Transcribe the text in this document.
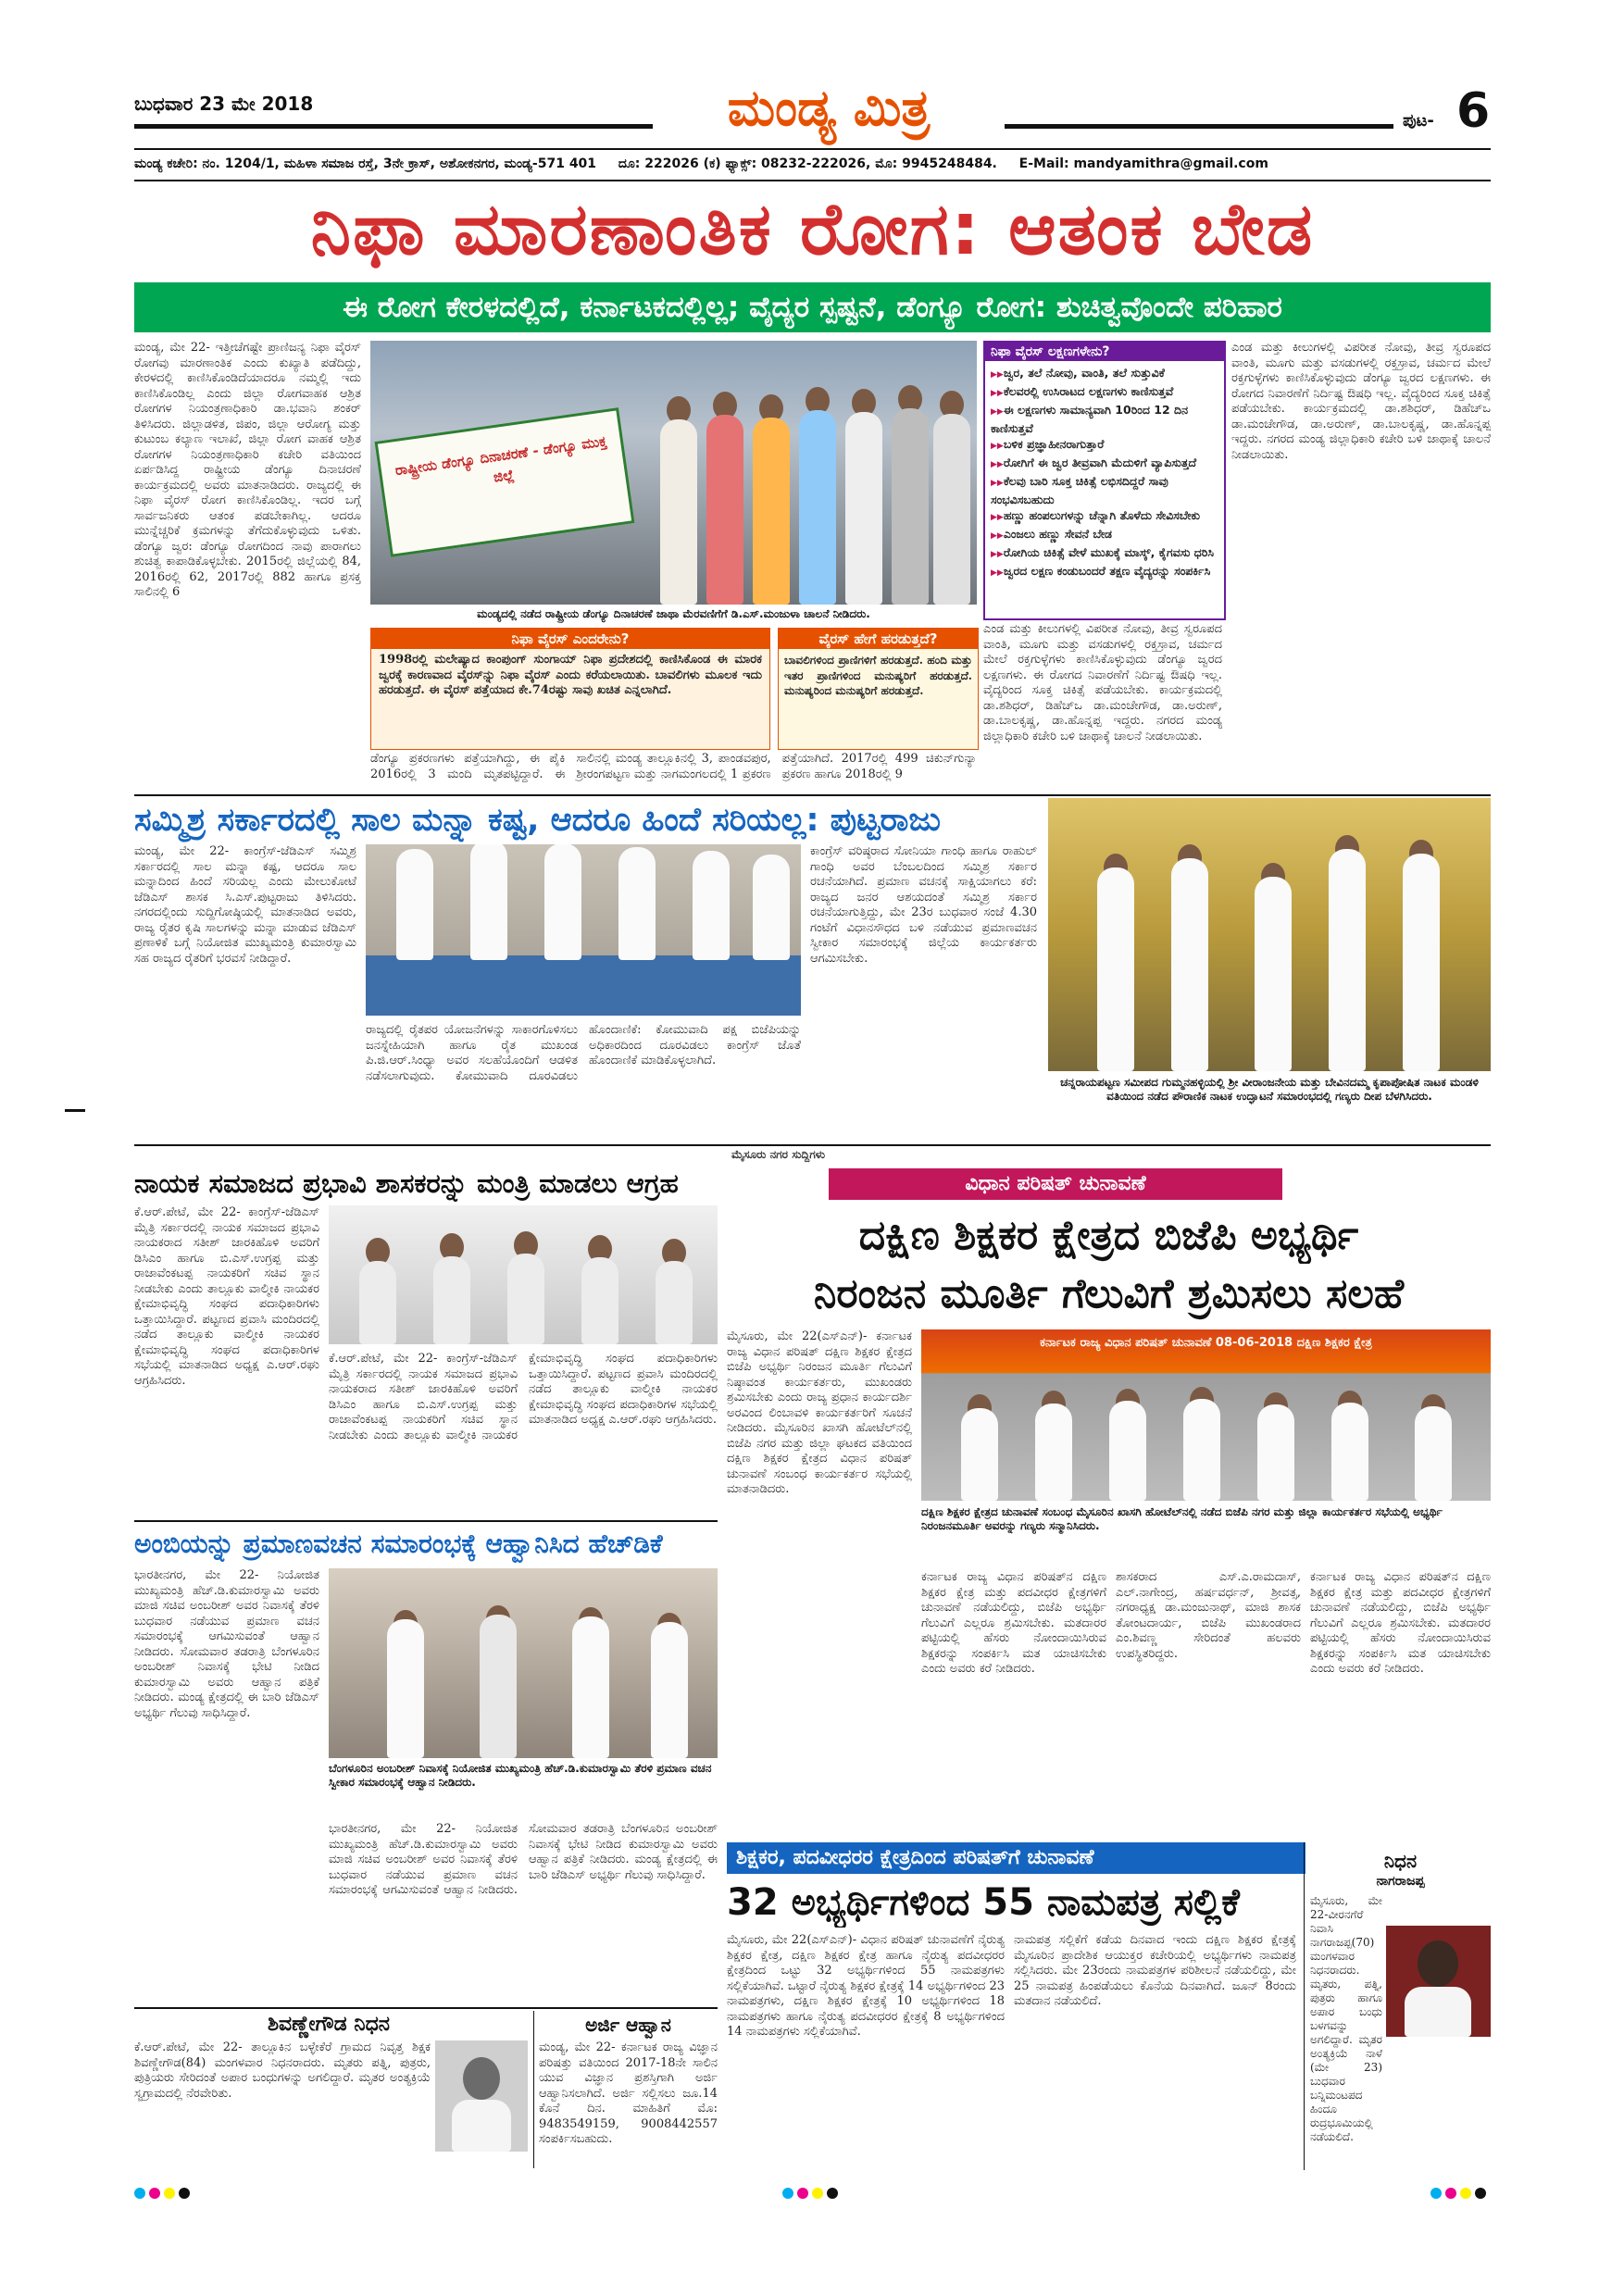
ಬುಧವಾರ 23 ಮೇ 2018	ಮಂಡ್ಯ ಮಿತ್ರ	ಪುಟ- 6
ಮಂಡ್ಯ ಕಚೇರಿ: ನಂ. 1204/1, ಮಹಿಳಾ ಸಮಾಜ ರಸ್ತೆ, 3ನೇ ಕ್ರಾಸ್, ಅಶೋಕನಗರ, ಮಂಡ್ಯ-571 401 ದೂ: 222026 (ಕ) ಫ್ಯಾಕ್ಸ್: 08232-222026, ಮೊ: 9945248484. E-Mail: mandyamithra@gmail.com
ನಿಫಾ ಮಾರಣಾಂತಿಕ ರೋಗ: ಆತಂಕ ಬೇಡ
ಈ ರೋಗ ಕೇರಳದಲ್ಲಿದೆ, ಕರ್ನಾಟಕದಲ್ಲಿಲ್ಲ; ವೈದ್ಯರ ಸ್ಪಷ್ಟನೆ, ಡೆಂಗ್ಯೂ ರೋಗ: ಶುಚಿತ್ವವೊಂದೇ ಪರಿಹಾರ
ಮಂಡ್ಯ, ಮೇ 22- ಇತ್ತೀಚೆಗಷ್ಟೇ ಪ್ರಾಣಿಜನ್ಯ ನಿಫಾ ವೈರಸ್ ರೋಗವು ಮಾರಣಾಂತಿಕ ಎಂದು ಕುಖ್ಯಾತಿ ಪಡೆದಿದ್ದು, ಕೇರಳದಲ್ಲಿ ಕಾಣಿಸಿಕೊಂಡಿದೆಯಾದರೂ ನಮ್ಮಲ್ಲಿ ಇದು ಕಾಣಿಸಿಕೊಂಡಿಲ್ಲ ಎಂದು ಜಿಲ್ಲಾ ರೋಗವಾಹಕ ಆಶ್ರಿತ ರೋಗಗಳ ನಿಯಂತ್ರಣಾಧಿಕಾರಿ ಡಾ.ಭವಾನಿ ಶಂಕರ್ ತಿಳಿಸಿದರು. ಜಿಲ್ಲಾಡಳಿತ, ಜಿಪಂ, ಜಿಲ್ಲಾ ಆರೋಗ್ಯ ಮತ್ತು ಕುಟುಂಬ ಕಲ್ಯಾಣ ಇಲಾಖೆ, ಜಿಲ್ಲಾ ರೋಗ ವಾಹಕ ಆಶ್ರಿತ ರೋಗಗಳ ನಿಯಂತ್ರಣಾಧಿಕಾರಿ ಕಚೇರಿ ವತಿಯಿಂದ ಏರ್ಪಡಿಸಿದ್ದ ರಾಷ್ಟ್ರೀಯ ಡೆಂಗ್ಯೂ ದಿನಾಚರಣೆ ಕಾರ್ಯಕ್ರಮದಲ್ಲಿ ಅವರು ಮಾತನಾಡಿದರು. ರಾಜ್ಯದಲ್ಲಿ ಈ ನಿಫಾ ವೈರಸ್ ರೋಗ ಕಾಣಿಸಿಕೊಂಡಿಲ್ಲ. ಇದರ ಬಗ್ಗೆ ಸಾರ್ವಜನಿಕರು ಆತಂಕ ಪಡಬೇಕಾಗಿಲ್ಲ. ಆದರೂ ಮುನ್ನೆಚ್ಚರಿಕೆ ಕ್ರಮಗಳನ್ನು ತೆಗೆದುಕೊಳ್ಳುವುದು ಒಳಿತು. ಡೆಂಗ್ಯೂ ಜ್ವರ: ಡೆಂಗ್ಯೂ ರೋಗದಿಂದ ನಾವು ಪಾರಾಗಲು ಶುಚಿತ್ವ ಕಾಪಾಡಿಕೊಳ್ಳಬೇಕು. 2015ರಲ್ಲಿ ಜಿಲ್ಲೆಯಲ್ಲಿ 84, 2016ರಲ್ಲಿ 62, 2017ರಲ್ಲಿ 882 ಹಾಗೂ ಪ್ರಸಕ್ತ ಸಾಲಿನಲ್ಲಿ 6
ರಾಷ್ಟ್ರೀಯ ಡೆಂಗ್ಯೂ ದಿನಾಚರಣೆ - ಡೆಂಗ್ಯೂ ಮುಕ್ತ ಜಿಲ್ಲೆ
ಮಂಡ್ಯದಲ್ಲಿ ನಡೆದ ರಾಷ್ಟ್ರೀಯ ಡೆಂಗ್ಯೂ ದಿನಾಚರಣೆ ಜಾಥಾ ಮೆರವಣಿಗೆಗೆ ಡಿ.ಎಸ್.ಮಂಜುಳಾ ಚಾಲನೆ ನೀಡಿದರು.
ನಿಫಾ ವೈರಸ್ ಲಕ್ಷಣಗಳೇನು?
▶▶ ಜ್ವರ, ತಲೆ ನೋವು, ವಾಂತಿ, ತಲೆ ಸುತ್ತುವಿಕೆ
▶▶ ಕೆಲವರಲ್ಲಿ ಉಸಿರಾಟದ ಲಕ್ಷಣಗಳು ಕಾಣಿಸುತ್ತವೆ
▶▶ ಈ ಲಕ್ಷಣಗಳು ಸಾಮಾನ್ಯವಾಗಿ 10ರಿಂದ 12 ದಿನ ಕಾಣಿಸುತ್ತವೆ
▶▶ ಬಳಿಕ ಪ್ರಜ್ಞಾಹೀನರಾಗುತ್ತಾರೆ
▶▶ ರೋಗಿಗೆ ಈ ಜ್ವರ ತೀವ್ರವಾಗಿ ಮೆದುಳಿಗೆ ವ್ಯಾಪಿಸುತ್ತದೆ
▶▶ ಕೆಲವು ಬಾರಿ ಸೂಕ್ತ ಚಿಕಿತ್ಸೆ ಲಭಿಸದಿದ್ದರೆ ಸಾವು ಸಂಭವಿಸಬಹುದು
▶▶ ಹಣ್ಣು ಹಂಪಲುಗಳನ್ನು ಚೆನ್ನಾಗಿ ತೊಳೆದು ಸೇವಿಸಬೇಕು
▶▶ ಎಂಜಲು ಹಣ್ಣು ಸೇವನೆ ಬೇಡ
▶▶ ರೋಗಿಯ ಚಿಕಿತ್ಸೆ ವೇಳೆ ಮುಖಕ್ಕೆ ಮಾಸ್ಕ್, ಕೈಗವಸು ಧರಿಸಿ
▶▶ ಜ್ವರದ ಲಕ್ಷಣ ಕಂಡುಬಂದರೆ ತಕ್ಷಣ ವೈದ್ಯರನ್ನು ಸಂಪರ್ಕಿಸಿ
ನಿಫಾ ವೈರಸ್ ಎಂದರೇನು?
1998ರಲ್ಲಿ ಮಲೇಷ್ಯಾದ ಕಾಂಪುಂಗ್ ಸುಂಗಾಯ್ ನಿಫಾ ಪ್ರದೇಶದಲ್ಲಿ ಕಾಣಿಸಿಕೊಂಡ ಈ ಮಾರಕ ಜ್ವರಕ್ಕೆ ಕಾರಣವಾದ ವೈರಸ್‌ನ್ನು ನಿಫಾ ವೈರಸ್ ಎಂದು ಕರೆಯಲಾಯಿತು. ಬಾವಲಿಗಳು ಮೂಲಕ ಇದು ಹರಡುತ್ತದೆ. ಈ ವೈರಸ್ ಪತ್ತೆಯಾದ ಕೇ.74ರಷ್ಟು ಸಾವು ಖಚಿತ ಎನ್ನಲಾಗಿದೆ.
ವೈರಸ್ ಹೇಗೆ ಹರಡುತ್ತದೆ?
ಬಾವಲಿಗಳಿಂದ ಪ್ರಾಣಿಗಳಿಗೆ ಹರಡುತ್ತದೆ. ಹಂದಿ ಮತ್ತು ಇತರ ಪ್ರಾಣಿಗಳಿಂದ ಮನುಷ್ಯರಿಗೆ ಹರಡುತ್ತದೆ. ಮನುಷ್ಯರಿಂದ ಮನುಷ್ಯರಿಗೆ ಹರಡುತ್ತದೆ.
ಡೆಂಗ್ಯೂ ಪ್ರಕರಣಗಳು ಪತ್ತೆಯಾಗಿದ್ದು, ಈ ಪೈಕಿ 2016ರಲ್ಲಿ 3 ಮಂದಿ ಮೃತಪಟ್ಟಿದ್ದಾರೆ. ಈ ಸಾಲಿನಲ್ಲಿ ಮಂಡ್ಯ ತಾಲ್ಲೂಕಿನಲ್ಲಿ 3, ಪಾಂಡವಪುರ, ಶ್ರೀರಂಗಪಟ್ಟಣ ಮತ್ತು ನಾಗಮಂಗಲದಲ್ಲಿ 1 ಪ್ರಕರಣ ಪತ್ತೆಯಾಗಿದೆ. 2017ರಲ್ಲಿ 499 ಚಿಕುನ್‌ಗುನ್ಯಾ ಪ್ರಕರಣ ಹಾಗೂ 2018ರಲ್ಲಿ 9
ಎಂಡ ಮತ್ತು ಕೀಲುಗಳಲ್ಲಿ ವಿಪರೀತ ನೋವು, ತೀವ್ರ ಸ್ವರೂಪದ ವಾಂತಿ, ಮೂಗು ಮತ್ತು ವಸಡುಗಳಲ್ಲಿ ರಕ್ತಸ್ರಾವ, ಚರ್ಮದ ಮೇಲೆ ರಕ್ತಗುಳ್ಳೆಗಳು ಕಾಣಿಸಿಕೊಳ್ಳುವುದು ಡೆಂಗ್ಯೂ ಜ್ವರದ ಲಕ್ಷಣಗಳು. ಈ ರೋಗದ ನಿವಾರಣೆಗೆ ನಿರ್ದಿಷ್ಟ ಔಷಧಿ ಇಲ್ಲ. ವೈದ್ಯರಿಂದ ಸೂಕ್ತ ಚಿಕಿತ್ಸೆ ಪಡೆಯಬೇಕು. ಕಾರ್ಯಕ್ರಮದಲ್ಲಿ ಡಾ.ಶಶಿಧರ್, ಡಿಹೆಚ್‌ಒ ಡಾ.ಮಂಚೇಗೌಡ, ಡಾ.ಅರುಣ್, ಡಾ.ಬಾಲಕೃಷ್ಣ, ಡಾ.ಹೊನ್ನಪ್ಪ ಇದ್ದರು. ನಗರದ ಮಂಡ್ಯ ಜಿಲ್ಲಾಧಿಕಾರಿ ಕಚೇರಿ ಬಳಿ ಜಾಥಾಕ್ಕೆ ಚಾಲನೆ ನೀಡಲಾಯಿತು.
ಎಂಡ ಮತ್ತು ಕೀಲುಗಳಲ್ಲಿ ವಿಪರೀತ ನೋವು, ತೀವ್ರ ಸ್ವರೂಪದ ವಾಂತಿ, ಮೂಗು ಮತ್ತು ವಸಡುಗಳಲ್ಲಿ ರಕ್ತಸ್ರಾವ, ಚರ್ಮದ ಮೇಲೆ ರಕ್ತಗುಳ್ಳೆಗಳು ಕಾಣಿಸಿಕೊಳ್ಳುವುದು ಡೆಂಗ್ಯೂ ಜ್ವರದ ಲಕ್ಷಣಗಳು. ಈ ರೋಗದ ನಿವಾರಣೆಗೆ ನಿರ್ದಿಷ್ಟ ಔಷಧಿ ಇಲ್ಲ. ವೈದ್ಯರಿಂದ ಸೂಕ್ತ ಚಿಕಿತ್ಸೆ ಪಡೆಯಬೇಕು. ಕಾರ್ಯಕ್ರಮದಲ್ಲಿ ಡಾ.ಶಶಿಧರ್, ಡಿಹೆಚ್‌ಒ ಡಾ.ಮಂಚೇಗೌಡ, ಡಾ.ಅರುಣ್, ಡಾ.ಬಾಲಕೃಷ್ಣ, ಡಾ.ಹೊನ್ನಪ್ಪ ಇದ್ದರು. ನಗರದ ಮಂಡ್ಯ ಜಿಲ್ಲಾಧಿಕಾರಿ ಕಚೇರಿ ಬಳಿ ಜಾಥಾಕ್ಕೆ ಚಾಲನೆ ನೀಡಲಾಯಿತು.
ಸಮ್ಮಿಶ್ರ ಸರ್ಕಾರದಲ್ಲಿ ಸಾಲ ಮನ್ನಾ ಕಷ್ಟ, ಆದರೂ ಹಿಂದೆ ಸರಿಯಲ್ಲ: ಪುಟ್ಟರಾಜು
ಮಂಡ್ಯ, ಮೇ 22- ಕಾಂಗ್ರೆಸ್-ಜೆಡಿಎಸ್ ಸಮ್ಮಿಶ್ರ ಸರ್ಕಾರದಲ್ಲಿ ಸಾಲ ಮನ್ನಾ ಕಷ್ಟ, ಆದರೂ ಸಾಲ ಮನ್ನಾದಿಂದ ಹಿಂದೆ ಸರಿಯಲ್ಲ ಎಂದು ಮೇಲುಕೋಟೆ ಜೆಡಿಎಸ್ ಶಾಸಕ ಸಿ.ಎಸ್.ಪುಟ್ಟರಾಜು ತಿಳಿಸಿದರು. ನಗರದಲ್ಲಿಂದು ಸುದ್ದಿಗೋಷ್ಠಿಯಲ್ಲಿ ಮಾತನಾಡಿದ ಅವರು, ರಾಜ್ಯ ರೈತರ ಕೃಷಿ ಸಾಲಗಳನ್ನು ಮನ್ನಾ ಮಾಡುವ ಜೆಡಿಎಸ್ ಪ್ರಣಾಳಿಕೆ ಬಗ್ಗೆ ನಿಯೋಜಿತ ಮುಖ್ಯಮಂತ್ರಿ ಕುಮಾರಸ್ವಾಮಿ ಸಹ ರಾಜ್ಯದ ರೈತರಿಗೆ ಭರವಸೆ ನೀಡಿದ್ದಾರೆ.
ಕಾಂಗ್ರೆಸ್ ವರಿಷ್ಠರಾದ ಸೋನಿಯಾ ಗಾಂಧಿ ಹಾಗೂ ರಾಹುಲ್ ಗಾಂಧಿ ಅವರ ಬೆಂಬಲದಿಂದ ಸಮ್ಮಿಶ್ರ ಸರ್ಕಾರ ರಚನೆಯಾಗಿದೆ. ಪ್ರಮಾಣ ವಚನಕ್ಕೆ ಸಾಕ್ಷಿಯಾಗಲು ಕರೆ: ರಾಜ್ಯದ ಜನರ ಆಶಯದಂತೆ ಸಮ್ಮಿಶ್ರ ಸರ್ಕಾರ ರಚನೆಯಾಗುತ್ತಿದ್ದು, ಮೇ 23ರ ಬುಧವಾರ ಸಂಜೆ 4.30 ಗಂಟೆಗೆ ವಿಧಾನಸೌಧದ ಬಳಿ ನಡೆಯುವ ಪ್ರಮಾಣವಚನ ಸ್ವೀಕಾರ ಸಮಾರಂಭಕ್ಕೆ ಜಿಲ್ಲೆಯ ಕಾರ್ಯಕರ್ತರು ಆಗಮಿಸಬೇಕು.
ರಾಜ್ಯದಲ್ಲಿ ರೈತಪರ ಯೋಜನೆಗಳನ್ನು ಸಾಕಾರಗೊಳಿಸಲು ಜನಸ್ನೇಹಿಯಾಗಿ ಹಾಗೂ ರೈತ ಮುಖಂಡ ಪಿ.ಜಿ.ಆರ್.ಸಿಂಧ್ಯಾ ಅವರ ಸಲಹೆಯೊಂದಿಗೆ ಆಡಳಿತ ನಡೆಸಲಾಗುವುದು. ಕೋಮುವಾದಿ ದೂರವಿಡಲು ಹೊಂದಾಣಿಕೆ: ಕೋಮುವಾದಿ ಪಕ್ಷ ಬಿಜೆಪಿಯನ್ನು ಅಧಿಕಾರದಿಂದ ದೂರವಿಡಲು ಕಾಂಗ್ರೆಸ್ ಜೊತೆ ಹೊಂದಾಣಿಕೆ ಮಾಡಿಕೊಳ್ಳಲಾಗಿದೆ.
ಚನ್ನರಾಯಪಟ್ಟಣ ಸಮೀಪದ ಗುಮ್ಮನಹಳ್ಳಿಯಲ್ಲಿ ಶ್ರೀ ವೀರಾಂಜನೇಯ ಮತ್ತು ಬೇವಿನದಮ್ಮ ಕೃಪಾಪೋಷಿತ ನಾಟಕ ಮಂಡಳಿ ವತಿಯಿಂದ ನಡೆದ ಪೌರಾಣಿಕ ನಾಟಕ ಉದ್ಘಾಟನೆ ಸಮಾರಂಭದಲ್ಲಿ ಗಣ್ಯರು ದೀಪ ಬೆಳಗಿಸಿದರು.
ನಾಯಕ ಸಮಾಜದ ಪ್ರಭಾವಿ ಶಾಸಕರನ್ನು ಮಂತ್ರಿ ಮಾಡಲು ಆಗ್ರಹ
ಕೆ.ಆರ್.ಪೇಟೆ, ಮೇ 22- ಕಾಂಗ್ರೆಸ್-ಜೆಡಿಎಸ್ ಮೈತ್ರಿ ಸರ್ಕಾರದಲ್ಲಿ ನಾಯಕ ಸಮಾಜದ ಪ್ರಭಾವಿ ನಾಯಕರಾದ ಸತೀಶ್ ಜಾರಕಿಹೊಳಿ ಅವರಿಗೆ ಡಿಸಿಎಂ ಹಾಗೂ ಬಿ.ಎಸ್.ಉಗ್ರಪ್ಪ ಮತ್ತು ರಾಜಾವೆಂಕಟಪ್ಪ ನಾಯಕರಿಗೆ ಸಚಿವ ಸ್ಥಾನ ನೀಡಬೇಕು ಎಂದು ತಾಲ್ಲೂಕು ವಾಲ್ಮೀಕಿ ನಾಯಕರ ಕ್ಷೇಮಾಭಿವೃದ್ಧಿ ಸಂಘದ ಪದಾಧಿಕಾರಿಗಳು ಒತ್ತಾಯಿಸಿದ್ದಾರೆ. ಪಟ್ಟಣದ ಪ್ರವಾಸಿ ಮಂದಿರದಲ್ಲಿ ನಡೆದ ತಾಲ್ಲೂಕು ವಾಲ್ಮೀಕಿ ನಾಯಕರ ಕ್ಷೇಮಾಭಿವೃದ್ಧಿ ಸಂಘದ ಪದಾಧಿಕಾರಿಗಳ ಸಭೆಯಲ್ಲಿ ಮಾತನಾಡಿದ ಅಧ್ಯಕ್ಷ ಎ.ಆರ್.ರಘು ಆಗ್ರಹಿಸಿದರು.
ಕೆ.ಆರ್.ಪೇಟೆ, ಮೇ 22- ಕಾಂಗ್ರೆಸ್-ಜೆಡಿಎಸ್ ಮೈತ್ರಿ ಸರ್ಕಾರದಲ್ಲಿ ನಾಯಕ ಸಮಾಜದ ಪ್ರಭಾವಿ ನಾಯಕರಾದ ಸತೀಶ್ ಜಾರಕಿಹೊಳಿ ಅವರಿಗೆ ಡಿಸಿಎಂ ಹಾಗೂ ಬಿ.ಎಸ್.ಉಗ್ರಪ್ಪ ಮತ್ತು ರಾಜಾವೆಂಕಟಪ್ಪ ನಾಯಕರಿಗೆ ಸಚಿವ ಸ್ಥಾನ ನೀಡಬೇಕು ಎಂದು ತಾಲ್ಲೂಕು ವಾಲ್ಮೀಕಿ ನಾಯಕರ ಕ್ಷೇಮಾಭಿವೃದ್ಧಿ ಸಂಘದ ಪದಾಧಿಕಾರಿಗಳು ಒತ್ತಾಯಿಸಿದ್ದಾರೆ. ಪಟ್ಟಣದ ಪ್ರವಾಸಿ ಮಂದಿರದಲ್ಲಿ ನಡೆದ ತಾಲ್ಲೂಕು ವಾಲ್ಮೀಕಿ ನಾಯಕರ ಕ್ಷೇಮಾಭಿವೃದ್ಧಿ ಸಂಘದ ಪದಾಧಿಕಾರಿಗಳ ಸಭೆಯಲ್ಲಿ ಮಾತನಾಡಿದ ಅಧ್ಯಕ್ಷ ಎ.ಆರ್.ರಘು ಆಗ್ರಹಿಸಿದರು.
ಅಂಬಿಯನ್ನು ಪ್ರಮಾಣವಚನ ಸಮಾರಂಭಕ್ಕೆ ಆಹ್ವಾನಿಸಿದ ಹೆಚ್‌ಡಿಕೆ
ಭಾರತೀನಗರ, ಮೇ 22- ನಿಯೋಜಿತ ಮುಖ್ಯಮಂತ್ರಿ ಹೆಚ್.ಡಿ.ಕುಮಾರಸ್ವಾಮಿ ಅವರು ಮಾಜಿ ಸಚಿವ ಅಂಬರೀಶ್ ಅವರ ನಿವಾಸಕ್ಕೆ ತೆರಳಿ ಬುಧವಾರ ನಡೆಯುವ ಪ್ರಮಾಣ ವಚನ ಸಮಾರಂಭಕ್ಕೆ ಆಗಮಿಸುವಂತೆ ಆಹ್ವಾನ ನೀಡಿದರು. ಸೋಮವಾರ ತಡರಾತ್ರಿ ಬೆಂಗಳೂರಿನ ಅಂಬರೀಶ್ ನಿವಾಸಕ್ಕೆ ಭೇಟಿ ನೀಡಿದ ಕುಮಾರಸ್ವಾಮಿ ಅವರು ಆಹ್ವಾನ ಪತ್ರಿಕೆ ನೀಡಿದರು. ಮಂಡ್ಯ ಕ್ಷೇತ್ರದಲ್ಲಿ ಈ ಬಾರಿ ಜೆಡಿಎಸ್ ಅಭ್ಯರ್ಥಿ ಗೆಲುವು ಸಾಧಿಸಿದ್ದಾರೆ.
ಬೆಂಗಳೂರಿನ ಅಂಬರೀಶ್ ನಿವಾಸಕ್ಕೆ ನಿಯೋಜಿತ ಮುಖ್ಯಮಂತ್ರಿ ಹೆಚ್.ಡಿ.ಕುಮಾರಸ್ವಾಮಿ ತೆರಳಿ ಪ್ರಮಾಣ ವಚನ ಸ್ವೀಕಾರ ಸಮಾರಂಭಕ್ಕೆ ಆಹ್ವಾನ ನೀಡಿದರು.
ಭಾರತೀನಗರ, ಮೇ 22- ನಿಯೋಜಿತ ಮುಖ್ಯಮಂತ್ರಿ ಹೆಚ್.ಡಿ.ಕುಮಾರಸ್ವಾಮಿ ಅವರು ಮಾಜಿ ಸಚಿವ ಅಂಬರೀಶ್ ಅವರ ನಿವಾಸಕ್ಕೆ ತೆರಳಿ ಬುಧವಾರ ನಡೆಯುವ ಪ್ರಮಾಣ ವಚನ ಸಮಾರಂಭಕ್ಕೆ ಆಗಮಿಸುವಂತೆ ಆಹ್ವಾನ ನೀಡಿದರು. ಸೋಮವಾರ ತಡರಾತ್ರಿ ಬೆಂಗಳೂರಿನ ಅಂಬರೀಶ್ ನಿವಾಸಕ್ಕೆ ಭೇಟಿ ನೀಡಿದ ಕುಮಾರಸ್ವಾಮಿ ಅವರು ಆಹ್ವಾನ ಪತ್ರಿಕೆ ನೀಡಿದರು. ಮಂಡ್ಯ ಕ್ಷೇತ್ರದಲ್ಲಿ ಈ ಬಾರಿ ಜೆಡಿಎಸ್ ಅಭ್ಯರ್ಥಿ ಗೆಲುವು ಸಾಧಿಸಿದ್ದಾರೆ.
ಶಿವಣ್ಣೇಗೌಡ ನಿಧನ
ಕೆ.ಆರ್.ಪೇಟೆ, ಮೇ 22- ತಾಲ್ಲೂಕಿನ ಬಳ್ಳೇಕೆರೆ ಗ್ರಾಮದ ನಿವೃತ್ತ ಶಿಕ್ಷಕ ಶಿವಣ್ಣೇಗೌಡ(84) ಮಂಗಳವಾರ ನಿಧನರಾದರು. ಮೃತರು ಪತ್ನಿ, ಪುತ್ರರು, ಪುತ್ರಿಯರು ಸೇರಿದಂತೆ ಅಪಾರ ಬಂಧುಗಳನ್ನು ಅಗಲಿದ್ದಾರೆ. ಮೃತರ ಅಂತ್ಯಕ್ರಿಯೆ ಸ್ವಗ್ರಾಮದಲ್ಲಿ ನೆರವೇರಿತು.
ಅರ್ಜಿ ಆಹ್ವಾನ
ಮಂಡ್ಯ, ಮೇ 22- ಕರ್ನಾಟಕ ರಾಜ್ಯ ವಿಜ್ಞಾನ ಪರಿಷತ್ತು ವತಿಯಿಂದ 2017-18ನೇ ಸಾಲಿನ ಯುವ ವಿಜ್ಞಾನ ಪ್ರಶಸ್ತಿಗಾಗಿ ಅರ್ಜಿ ಆಹ್ವಾನಿಸಲಾಗಿದೆ. ಅರ್ಜಿ ಸಲ್ಲಿಸಲು ಜೂ.14 ಕೊನೆ ದಿನ. ಮಾಹಿತಿಗೆ ಮೊ: 9483549159, 9008442557 ಸಂಪರ್ಕಿಸಬಹುದು.
ಮೈಸೂರು ನಗರ ಸುದ್ದಿಗಳು
ವಿಧಾನ ಪರಿಷತ್ ಚುನಾವಣೆ
ದಕ್ಷಿಣ ಶಿಕ್ಷಕರ ಕ್ಷೇತ್ರದ ಬಿಜೆಪಿ ಅಭ್ಯರ್ಥಿ
ನಿರಂಜನ ಮೂರ್ತಿ ಗೆಲುವಿಗೆ ಶ್ರಮಿಸಲು ಸಲಹೆ
ಮೈಸೂರು, ಮೇ 22(ಎಸ್‌ಎನ್)- ಕರ್ನಾಟಕ ರಾಜ್ಯ ವಿಧಾನ ಪರಿಷತ್ ದಕ್ಷಿಣ ಶಿಕ್ಷಕರ ಕ್ಷೇತ್ರದ ಬಿಜೆಪಿ ಅಭ್ಯರ್ಥಿ ನಿರಂಜನ ಮೂರ್ತಿ ಗೆಲುವಿಗೆ ನಿಷ್ಠಾವಂತ ಕಾರ್ಯಕರ್ತರು, ಮುಖಂಡರು ಶ್ರಮಿಸಬೇಕು ಎಂದು ರಾಜ್ಯ ಪ್ರಧಾನ ಕಾರ್ಯದರ್ಶಿ ಅರವಿಂದ ಲಿಂಬಾವಳಿ ಕಾರ್ಯಕರ್ತರಿಗೆ ಸೂಚನೆ ನೀಡಿದರು. ಮೈಸೂರಿನ ಖಾಸಗಿ ಹೋಟೆಲ್‌ನಲ್ಲಿ ಬಿಜೆಪಿ ನಗರ ಮತ್ತು ಜಿಲ್ಲಾ ಘಟಕದ ವತಿಯಿಂದ ದಕ್ಷಿಣ ಶಿಕ್ಷಕರ ಕ್ಷೇತ್ರದ ವಿಧಾನ ಪರಿಷತ್ ಚುನಾವಣೆ ಸಂಬಂಧ ಕಾರ್ಯಕರ್ತರ ಸಭೆಯಲ್ಲಿ ಮಾತನಾಡಿದರು.
ಕರ್ನಾಟಕ ರಾಜ್ಯ ವಿಧಾನ ಪರಿಷತ್ ಚುನಾವಣೆ 08-06-2018 ದಕ್ಷಿಣ ಶಿಕ್ಷಕರ ಕ್ಷೇತ್ರ
ದಕ್ಷಿಣ ಶಿಕ್ಷಕರ ಕ್ಷೇತ್ರದ ಚುನಾವಣೆ ಸಂಬಂಧ ಮೈಸೂರಿನ ಖಾಸಗಿ ಹೋಟೆಲ್‌ನಲ್ಲಿ ನಡೆದ ಬಿಜೆಪಿ ನಗರ ಮತ್ತು ಜಿಲ್ಲಾ ಕಾರ್ಯಕರ್ತರ ಸಭೆಯಲ್ಲಿ ಅಭ್ಯರ್ಥಿ ನಿರಂಜನಮೂರ್ತಿ ಅವರನ್ನು ಗಣ್ಯರು ಸನ್ಮಾನಿಸಿದರು.
ಕರ್ನಾಟಕ ರಾಜ್ಯ ವಿಧಾನ ಪರಿಷತ್‌ನ ದಕ್ಷಿಣ ಶಿಕ್ಷಕರ ಕ್ಷೇತ್ರ ಮತ್ತು ಪದವೀಧರ ಕ್ಷೇತ್ರಗಳಿಗೆ ಚುನಾವಣೆ ನಡೆಯಲಿದ್ದು, ಬಿಜೆಪಿ ಅಭ್ಯರ್ಥಿ ಗೆಲುವಿಗೆ ಎಲ್ಲರೂ ಶ್ರಮಿಸಬೇಕು. ಮತದಾರರ ಪಟ್ಟಿಯಲ್ಲಿ ಹೆಸರು ನೋಂದಾಯಿಸಿರುವ ಶಿಕ್ಷಕರನ್ನು ಸಂಪರ್ಕಿಸಿ ಮತ ಯಾಚಿಸಬೇಕು ಎಂದು ಅವರು ಕರೆ ನೀಡಿದರು.
ಶಾಸಕರಾದ ಎಸ್.ಎ.ರಾಮದಾಸ್, ಎಲ್.ನಾಗೇಂದ್ರ, ಹರ್ಷವರ್ಧನ್, ಶ್ರೀವತ್ಸ, ನಗರಾಧ್ಯಕ್ಷ ಡಾ.ಮಂಜುನಾಥ್, ಮಾಜಿ ಶಾಸಕ ತೋಂಟದಾರ್ಯ, ಬಿಜೆಪಿ ಮುಖಂಡರಾದ ಎಂ.ಶಿವಣ್ಣ ಸೇರಿದಂತೆ ಹಲವರು ಉಪಸ್ಥಿತರಿದ್ದರು.
ಕರ್ನಾಟಕ ರಾಜ್ಯ ವಿಧಾನ ಪರಿಷತ್‌ನ ದಕ್ಷಿಣ ಶಿಕ್ಷಕರ ಕ್ಷೇತ್ರ ಮತ್ತು ಪದವೀಧರ ಕ್ಷೇತ್ರಗಳಿಗೆ ಚುನಾವಣೆ ನಡೆಯಲಿದ್ದು, ಬಿಜೆಪಿ ಅಭ್ಯರ್ಥಿ ಗೆಲುವಿಗೆ ಎಲ್ಲರೂ ಶ್ರಮಿಸಬೇಕು. ಮತದಾರರ ಪಟ್ಟಿಯಲ್ಲಿ ಹೆಸರು ನೋಂದಾಯಿಸಿರುವ ಶಿಕ್ಷಕರನ್ನು ಸಂಪರ್ಕಿಸಿ ಮತ ಯಾಚಿಸಬೇಕು ಎಂದು ಅವರು ಕರೆ ನೀಡಿದರು.
ಶಿಕ್ಷಕರ, ಪದವೀಧರರ ಕ್ಷೇತ್ರದಿಂದ ಪರಿಷತ್‌ಗೆ ಚುನಾವಣೆ
32 ಅಭ್ಯರ್ಥಿಗಳಿಂದ 55 ನಾಮಪತ್ರ ಸಲ್ಲಿಕೆ
ಮೈಸೂರು, ಮೇ 22(ಎಸ್‌ಎನ್)- ವಿಧಾನ ಪರಿಷತ್ ಚುನಾವಣೆಗೆ ನೈರುತ್ಯ ಶಿಕ್ಷಕರ ಕ್ಷೇತ್ರ, ದಕ್ಷಿಣ ಶಿಕ್ಷಕರ ಕ್ಷೇತ್ರ ಹಾಗೂ ನೈರುತ್ಯ ಪದವೀಧರರ ಕ್ಷೇತ್ರದಿಂದ ಒಟ್ಟು 32 ಅಭ್ಯರ್ಥಿಗಳಿಂದ 55 ನಾಮಪತ್ರಗಳು ಸಲ್ಲಿಕೆಯಾಗಿವೆ. ಒಟ್ಟಾರೆ ನೈರುತ್ಯ ಶಿಕ್ಷಕರ ಕ್ಷೇತ್ರಕ್ಕೆ 14 ಅಭ್ಯರ್ಥಿಗಳಿಂದ 23 ನಾಮಪತ್ರಗಳು, ದಕ್ಷಿಣ ಶಿಕ್ಷಕರ ಕ್ಷೇತ್ರಕ್ಕೆ 10 ಅಭ್ಯರ್ಥಿಗಳಿಂದ 18 ನಾಮಪತ್ರಗಳು ಹಾಗೂ ನೈರುತ್ಯ ಪದವೀಧರರ ಕ್ಷೇತ್ರಕ್ಕೆ 8 ಅಭ್ಯರ್ಥಿಗಳಿಂದ 14 ನಾಮಪತ್ರಗಳು ಸಲ್ಲಿಕೆಯಾಗಿವೆ.
ನಾಮಪತ್ರ ಸಲ್ಲಿಕೆಗೆ ಕಡೆಯ ದಿನವಾದ ಇಂದು ದಕ್ಷಿಣ ಶಿಕ್ಷಕರ ಕ್ಷೇತ್ರಕ್ಕೆ ಮೈಸೂರಿನ ಪ್ರಾದೇಶಿಕ ಆಯುಕ್ತರ ಕಚೇರಿಯಲ್ಲಿ ಅಭ್ಯರ್ಥಿಗಳು ನಾಮಪತ್ರ ಸಲ್ಲಿಸಿದರು. ಮೇ 23ರಂದು ನಾಮಪತ್ರಗಳ ಪರಿಶೀಲನೆ ನಡೆಯಲಿದ್ದು, ಮೇ 25 ನಾಮಪತ್ರ ಹಿಂಪಡೆಯಲು ಕೊನೆಯ ದಿನವಾಗಿದೆ. ಜೂನ್ 8ರಂದು ಮತದಾನ ನಡೆಯಲಿದೆ.
ನಿಧನ
ನಾಗರಾಜಪ್ಪ
ಮೈಸೂರು, ಮೇ 22-ವೀರನಗೆರೆ ನಿವಾಸಿ ನಾಗರಾಜಪ್ಪ(70) ಮಂಗಳವಾರ ನಿಧನರಾದರು. ಮೃತರು, ಪತ್ನಿ, ಪುತ್ರರು ಹಾಗೂ ಅಪಾರ ಬಂಧು ಬಳಗವನ್ನು ಅಗಲಿದ್ದಾರೆ. ಮೃತರ ಅಂತ್ಯಕ್ರಿಯೆ ನಾಳೆ (ಮೇ 23) ಬುಧವಾರ ಬನ್ನಿಮಂಟಪದ ಹಿಂದೂ ರುದ್ರಭೂಮಿಯಲ್ಲಿ ನಡೆಯಲಿದೆ.
